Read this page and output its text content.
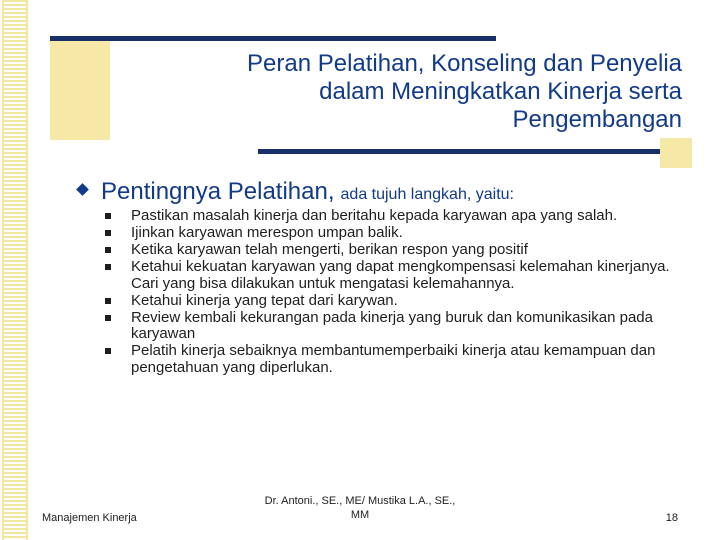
Peran Pelatihan, Konseling dan Penyelia
dalam Meningkatkan Kinerja serta
Pengembangan
Pentingnya Pelatihan, ada tujuh langkah, yaitu:
Pastikan masalah kinerja dan beritahu kepada karyawan apa yang salah.
Ijinkan karyawan merespon umpan balik.
Ketika karyawan telah mengerti, berikan respon yang positif
Ketahui kekuatan karyawan yang dapat mengkompensasi kelemahan kinerjanya. Cari yang bisa dilakukan untuk mengatasi kelemahannya.
Ketahui kinerja yang tepat dari karywan.
Review kembali kekurangan pada kinerja yang buruk dan komunikasikan pada karyawan
Pelatih kinerja sebaiknya membantumemperbaiki kinerja atau kemampuan dan pengetahuan yang diperlukan.
Manajemen Kinerja
Dr. Antoni., SE., ME/ Mustika L.A., SE.,
MM	18
